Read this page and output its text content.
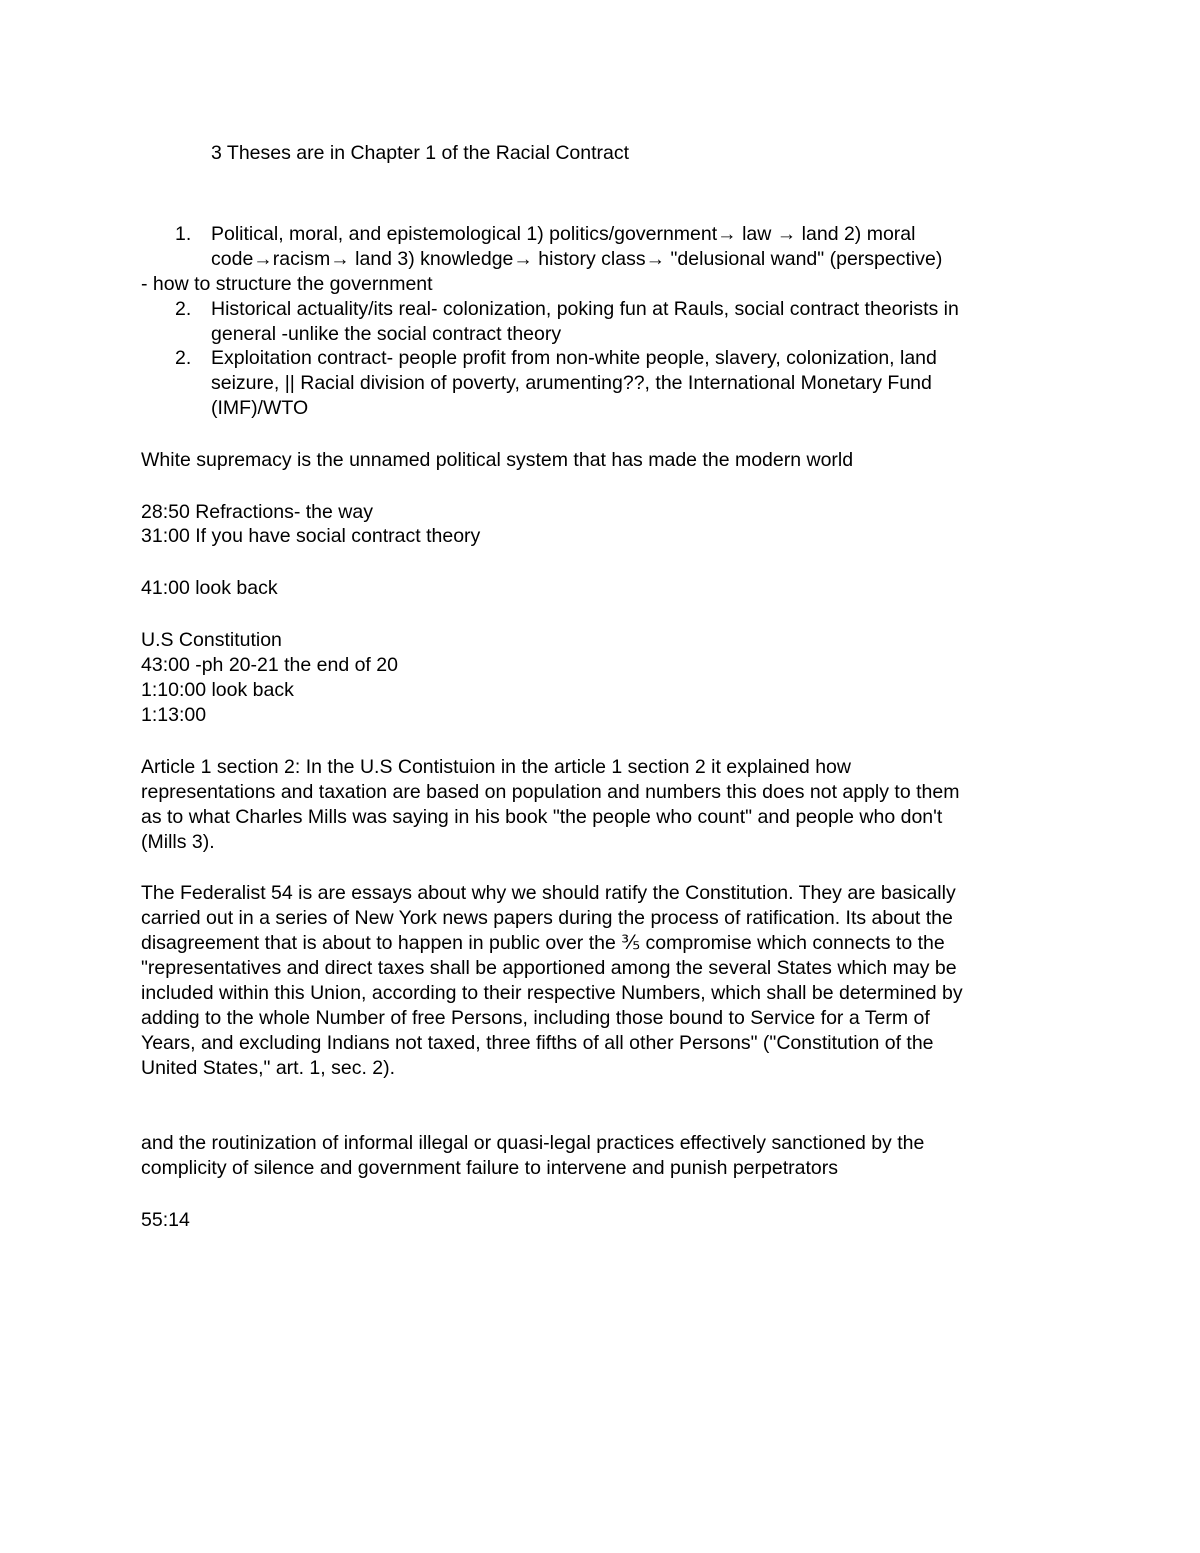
3 Theses are in Chapter 1 of the Racial Contract

1. Political, moral, and epistemological 1) politics/government→ law → land 2) moral
code→racism→ land 3) knowledge→ history class→ "delusional wand" (perspective)

- how to structure the government

2. Historical actuality/its real- colonization, poking fun at Rauls, social contract theorists in
general -unlike the social contract theory
2. Exploitation contract- people profit from non-white people, slavery, colonization, land
seizure, || Racial division of poverty, arumenting??, the International Monetary Fund
(IMF)/WTO

White supremacy is the unnamed political system that has made the modern world

28:50 Refractions- the way

31:00 If you have social contract theory

41:00 look back

U.S Constitution

43:00 -ph 20-21 the end of 20

1:10:00 look back

1:13:00

Article 1 section 2: In the U.S Contistuion in the article 1 section 2 it explained how

representations and taxation are based on population and numbers this does not apply to them

as to what Charles Mills was saying in his book "the people who count" and people who don't

(Mills 3).

The Federalist 54 is are essays about why we should ratify the Constitution. They are basically

carried out in a series of New York news papers during the process of ratification. Its about the

disagreement that is about to happen in public over the ⅗ compromise which connects to the

"representatives and direct taxes shall be apportioned among the several States which may be

included within this Union, according to their respective Numbers, which shall be determined by

adding to the whole Number of free Persons, including those bound to Service for a Term of

Years, and excluding Indians not taxed, three fifths of all other Persons" ("Constitution of the

United States," art. 1, sec. 2).

and the routinization of informal illegal or quasi-legal practices effectively sanctioned by the

complicity of silence and government failure to intervene and punish perpetrators

55:14
